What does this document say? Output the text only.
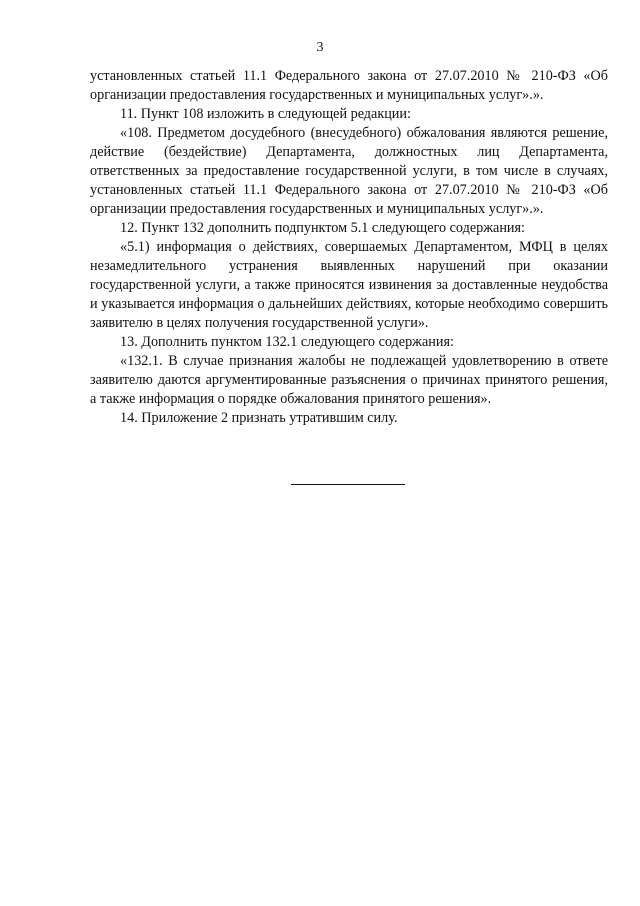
3

установленных статьей 11.1 Федерального закона от 27.07.2010 № 210-ФЗ «Об организации предоставления государственных и муниципальных услуг».».

11. Пункт 108 изложить в следующей редакции:

«108. Предметом досудебного (внесудебного) обжалования являются решение, действие (бездействие) Департамента, должностных лиц Департамента, ответственных за предоставление государственной услуги, в том числе в случаях, установленных статьей 11.1 Федерального закона от 27.07.2010 № 210-ФЗ «Об организации предоставления государственных и муниципальных услуг».».

12. Пункт 132 дополнить подпунктом 5.1 следующего содержания:

«5.1) информация о действиях, совершаемых Департаментом, МФЦ в целях незамедлительного устранения выявленных нарушений при оказании государственной услуги, а также приносятся извинения за доставленные неудобства и указывается информация о дальнейших действиях, которые необходимо совершить заявителю в целях получения государственной услуги».

13. Дополнить пунктом 132.1 следующего содержания:

«132.1. В случае признания жалобы не подлежащей удовлетворению в ответе заявителю даются аргументированные разъяснения о причинах принятого решения, а также информация о порядке обжалования принятого решения».

14. Приложение 2 признать утратившим силу.
